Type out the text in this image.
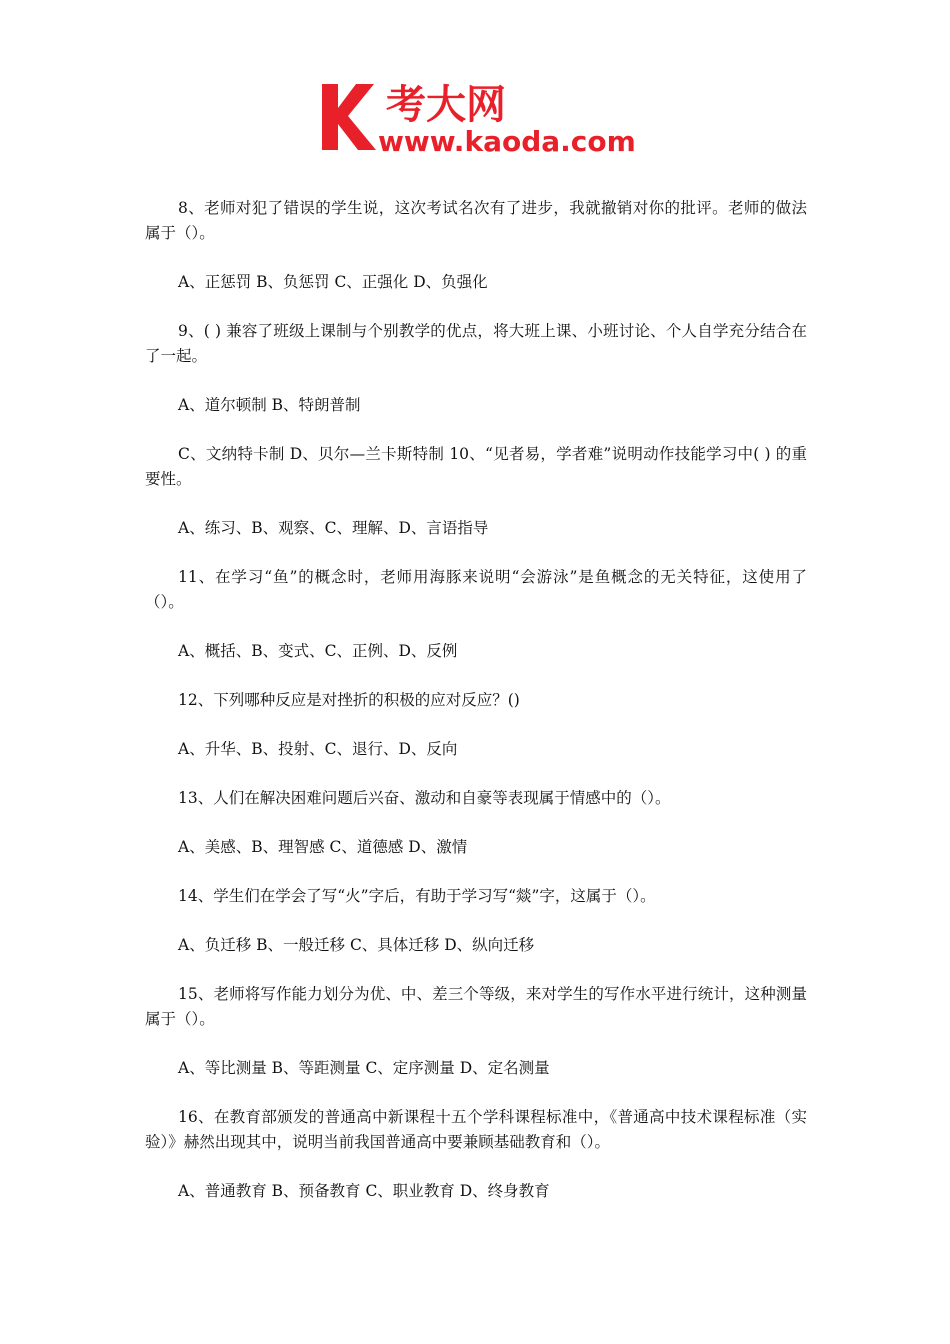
考大网
www.kaoda.com

8、老师对犯了错误的学生说，这次考试名次有了进步，我就撤销对你的批评。老师的做法属于（）。

A、正惩罚 B、负惩罚 C、正强化 D、负强化

9、( ) 兼容了班级上课制与个别教学的优点，将大班上课、小班讨论、个人自学充分结合在了一起。

A、道尔顿制 B、特朗普制

C、文纳特卡制 D、贝尔—兰卡斯特制 10、“见者易，学者难”说明动作技能学习中( ) 的重要性。

A、练习、B、观察、C、理解、D、言语指导

11、在学习“鱼”的概念时，老师用海豚来说明“会游泳”是鱼概念的无关特征，这使用了（）。

A、概括、B、变式、C、正例、D、反例

12、下列哪种反应是对挫折的积极的应对反应？()

A、升华、B、投射、C、退行、D、反向

13、人们在解决困难问题后兴奋、激动和自豪等表现属于情感中的（）。

A、美感、B、理智感 C、道德感 D、激情

14、学生们在学会了写“火”字后，有助于学习写“燚”字，这属于（）。

A、负迁移 B、一般迁移 C、具体迁移 D、纵向迁移

15、老师将写作能力划分为优、中、差三个等级，来对学生的写作水平进行统计，这种测量属于（）。

A、等比测量 B、等距测量 C、定序测量 D、定名测量

16、在教育部颁发的普通高中新课程十五个学科课程标准中，《普通高中技术课程标准（实验）》赫然出现其中，说明当前我国普通高中要兼顾基础教育和（）。

A、普通教育 B、预备教育 C、职业教育 D、终身教育
